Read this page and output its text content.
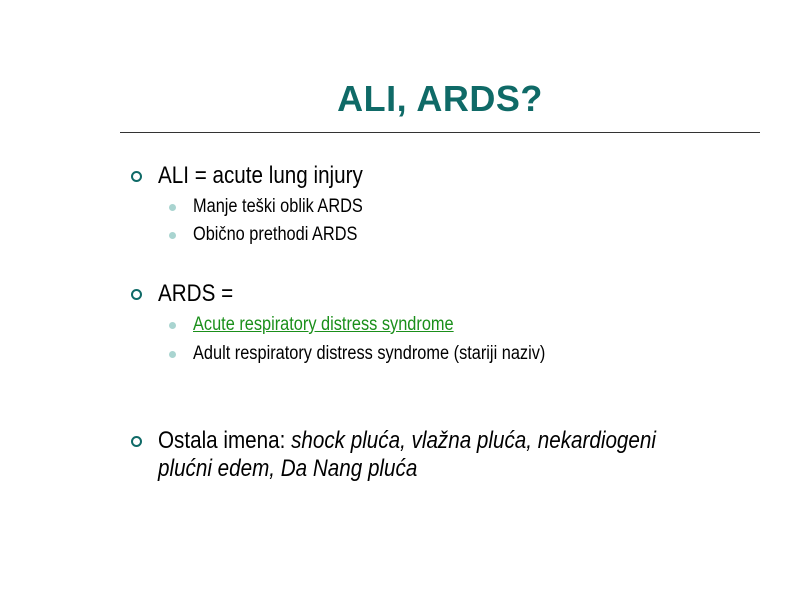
ALI, ARDS?
ALI = acute lung injury
Manje teški oblik ARDS
Obično prethodi ARDS
ARDS =
Acute respiratory distress syndrome
Adult respiratory distress syndrome (stariji naziv)
Ostala imena: shock pluća, vlažna pluća, nekardiogeni
plućni edem, Da Nang pluća
